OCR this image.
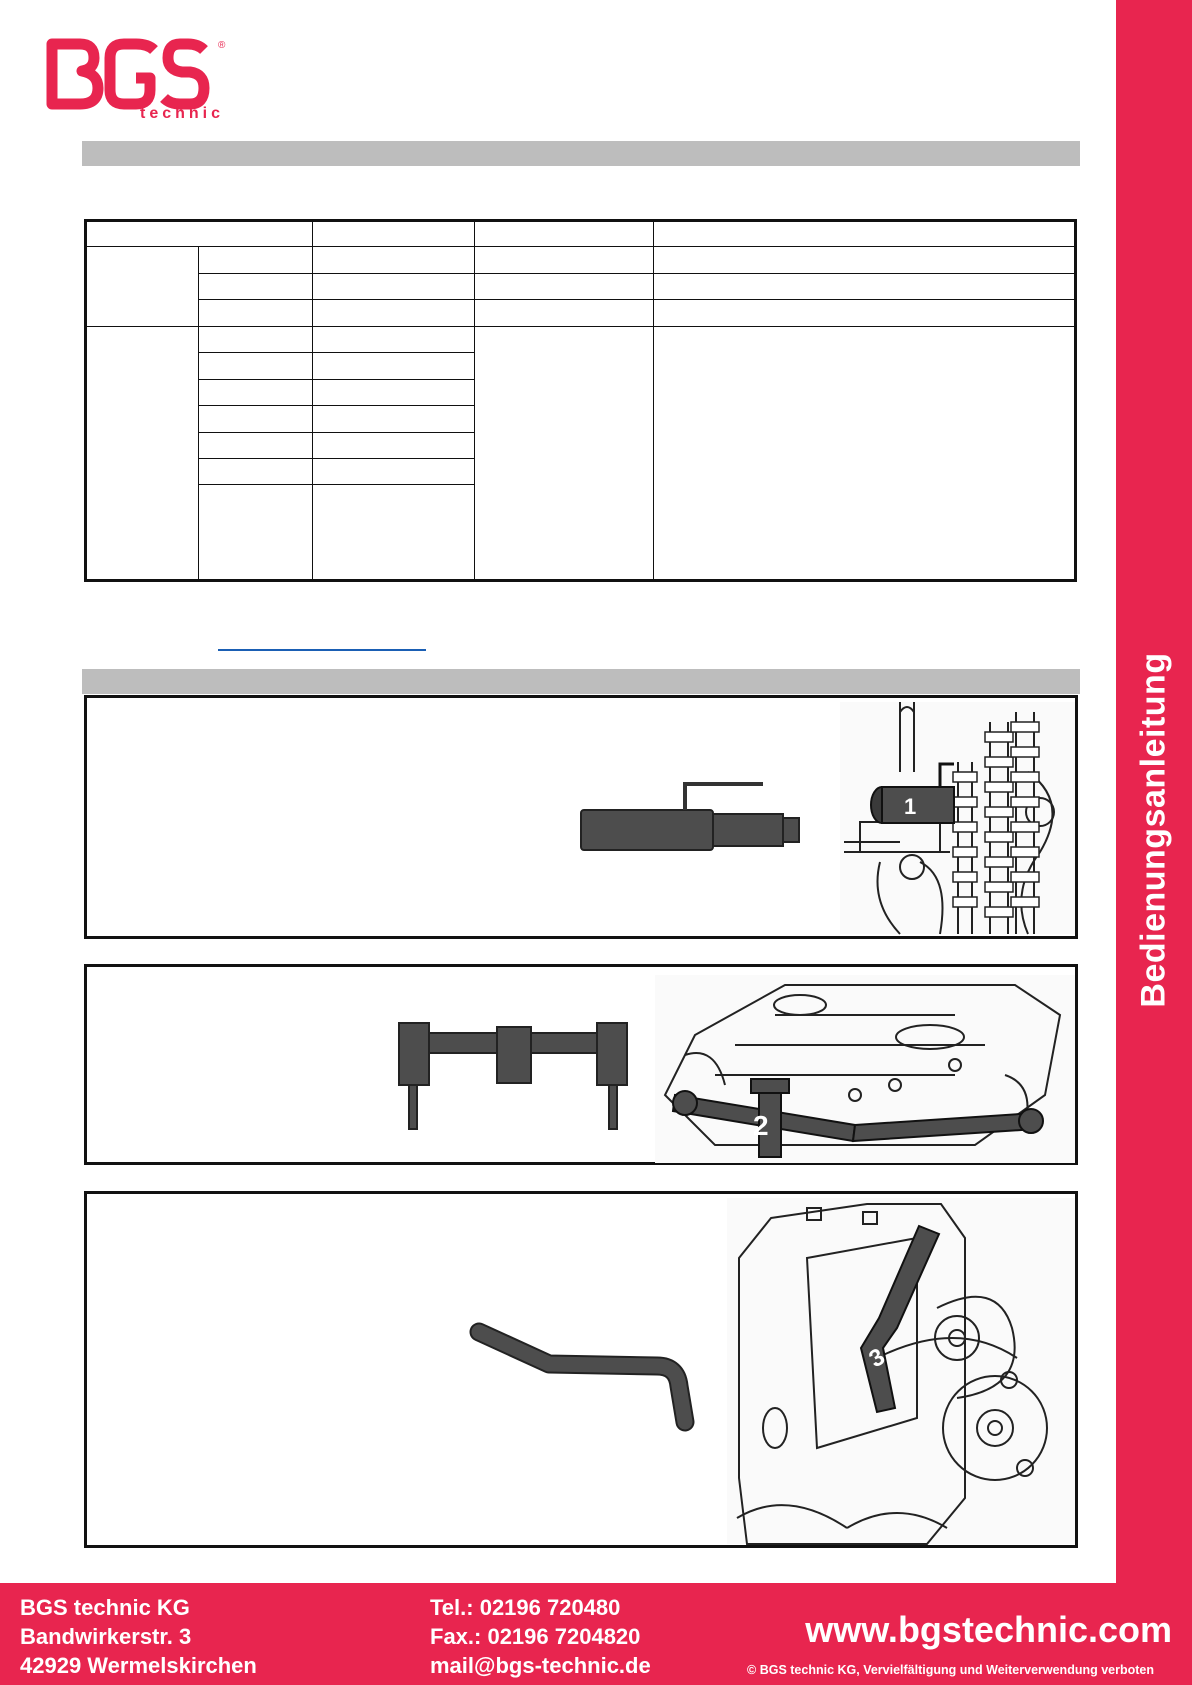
®
technic
Bedienungsanleitung

1
2
3
BGS technic KG
Bandwirkerstr. 3
42929 Wermelskirchen
Tel.: 02196 720480
Fax.: 02196 7204820
mail@bgs-technic.de
www.bgstechnic.com
© BGS technic KG, Vervielfältigung und Weiterverwendung verboten
